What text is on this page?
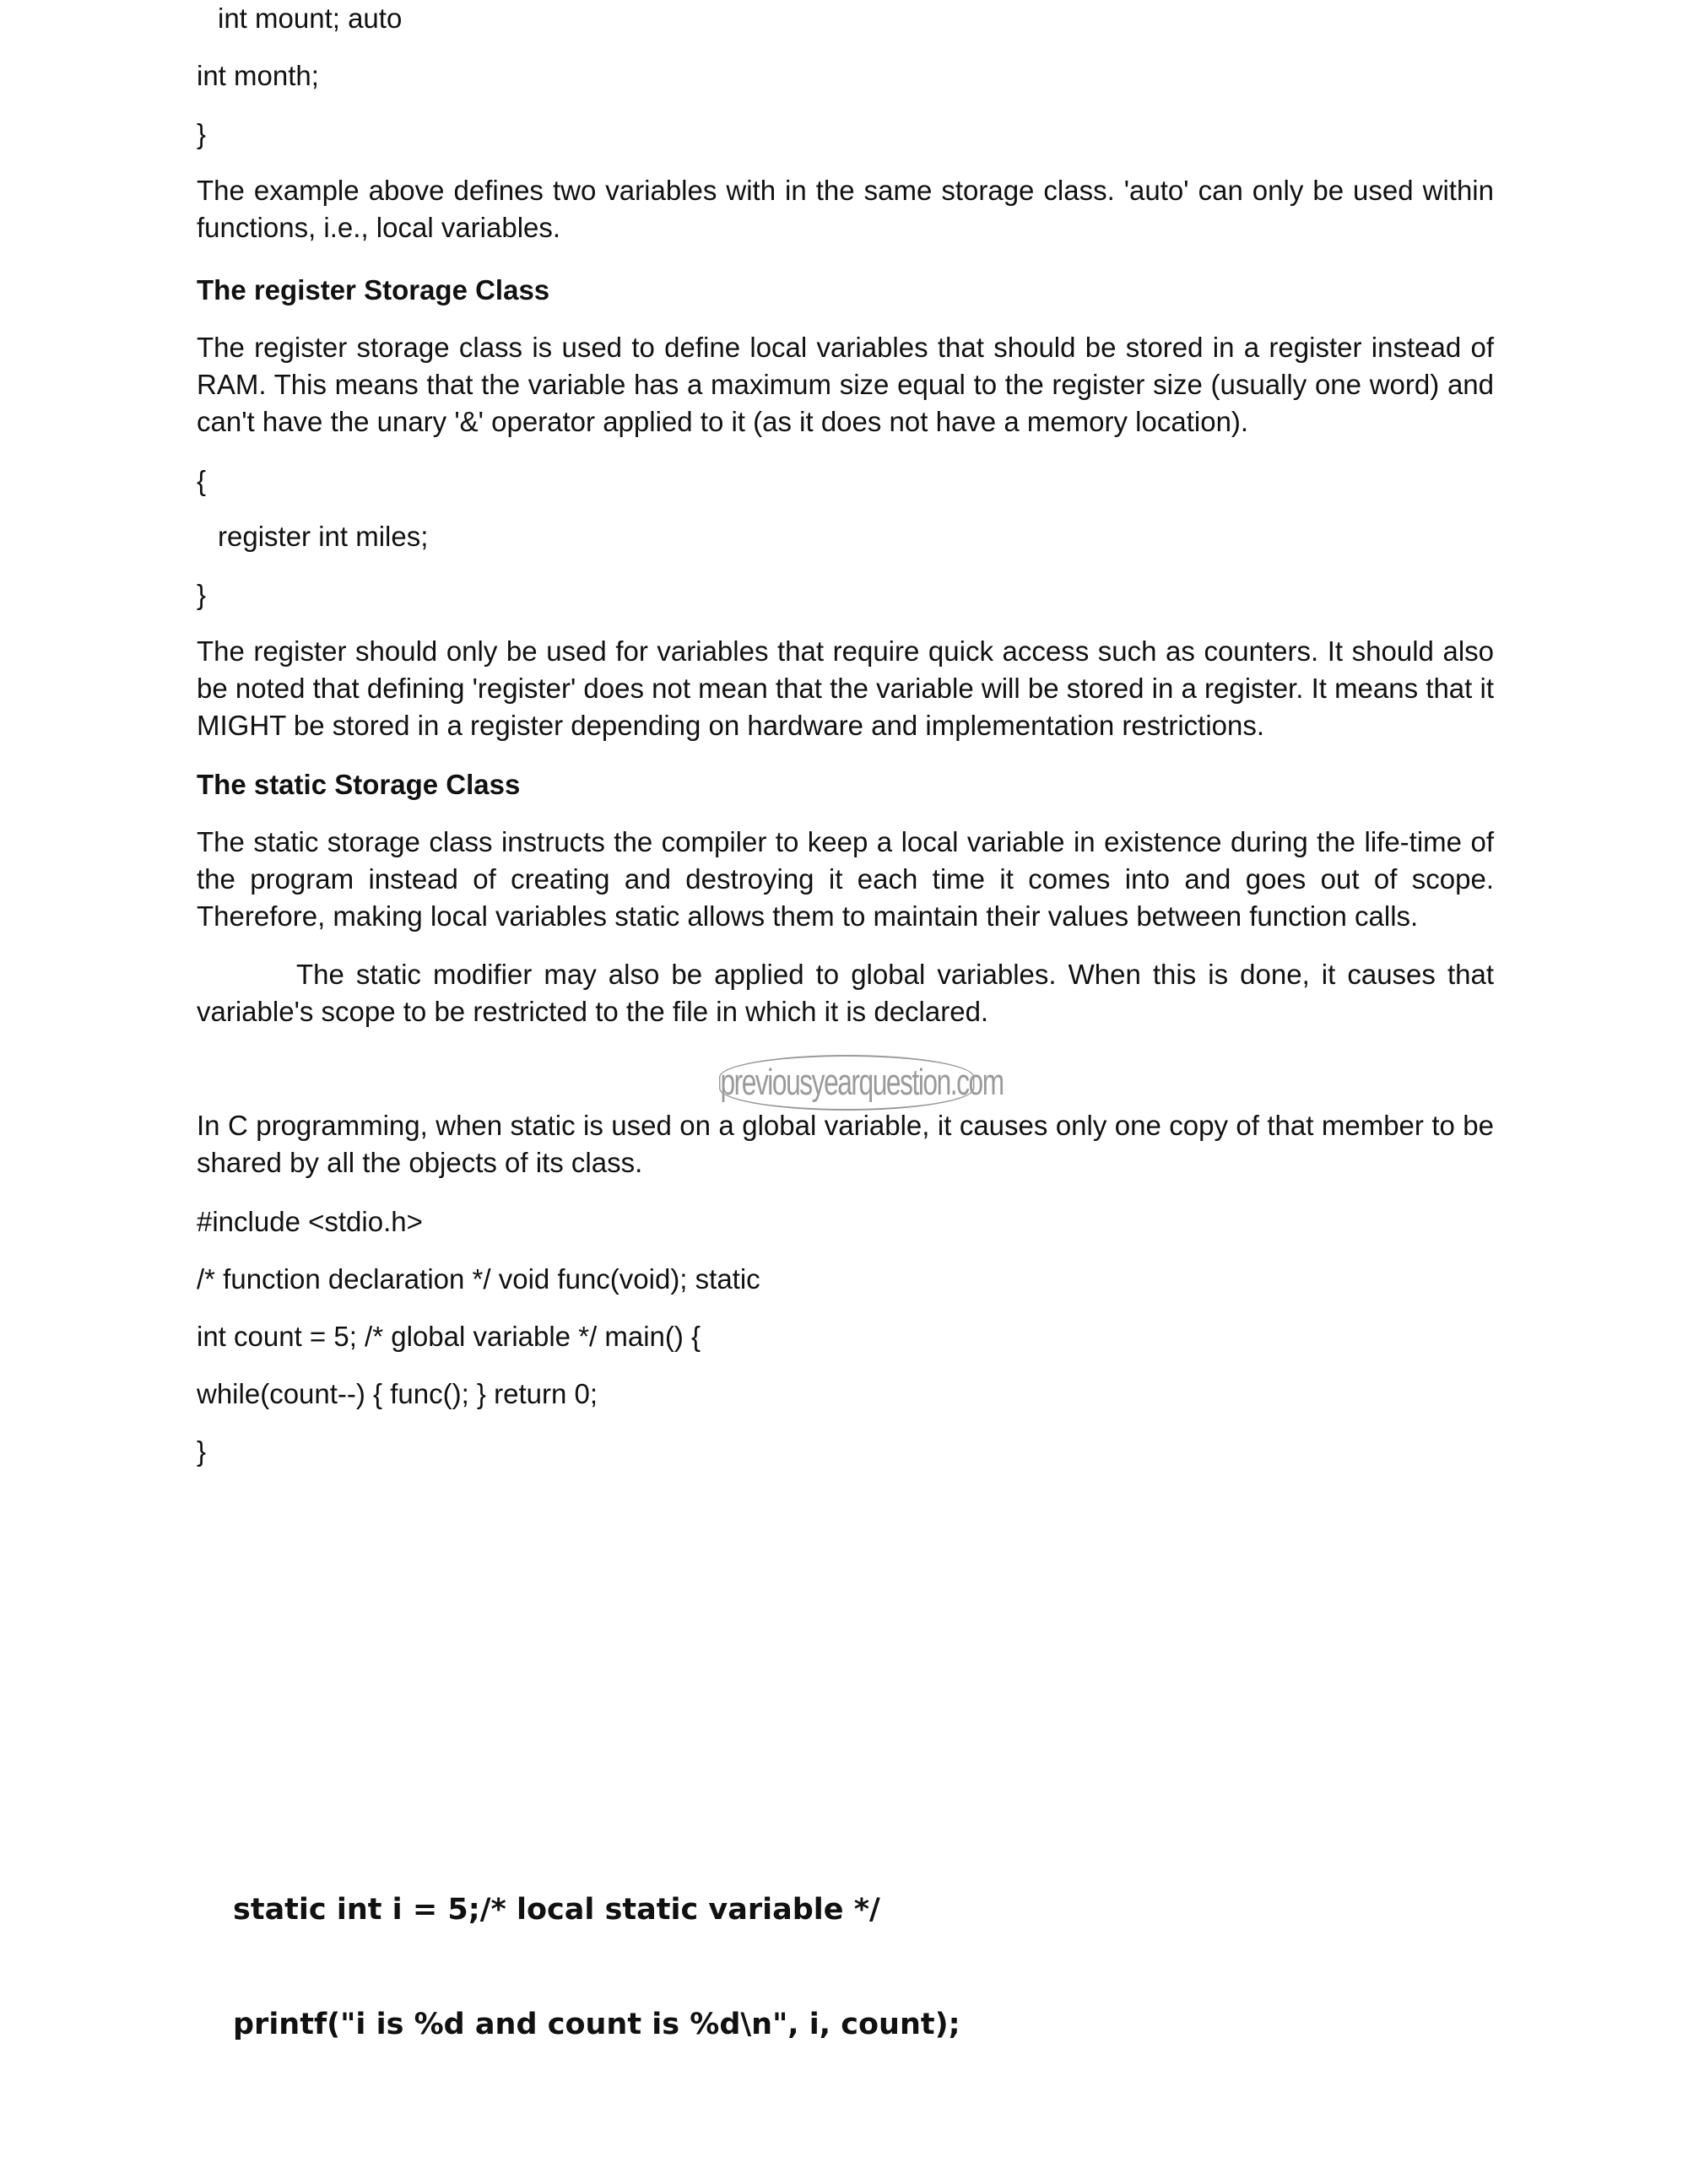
int mount; auto

int month;

}

The example above defines two variables with in the same storage class. 'auto' can only be used within functions, i.e., local variables.

The register Storage Class

The register storage class is used to define local variables that should be stored in a register instead of RAM. This means that the variable has a maximum size equal to the register size (usually one word) and can't have the unary '&' operator applied to it (as it does not have a memory location).

{

register int miles;

}

The register should only be used for variables that require quick access such as counters. It should also be noted that defining 'register' does not mean that the variable will be stored in a register. It means that it MIGHT be stored in a register depending on hardware and implementation restrictions.

The static Storage Class

The static storage class instructs the compiler to keep a local variable in existence during the life-time of the program instead of creating and destroying it each time it comes into and goes out of scope. Therefore, making local variables static allows them to maintain their values between function calls.

The static modifier may also be applied to global variables. When this is done, it causes that variable's scope to be restricted to the file in which it is declared.

previousyearquestion.com

In C programming, when static is used on a global variable, it causes only one copy of that member to be shared by all the objects of its class.

#include <stdio.h>

/* function declaration */ void func(void); static

int count = 5; /* global variable */ main() {

while(count--) { func(); } return 0;

}

static int i = 5;/* local static variable */

printf("i is %d and count is %d\n", i, count);
